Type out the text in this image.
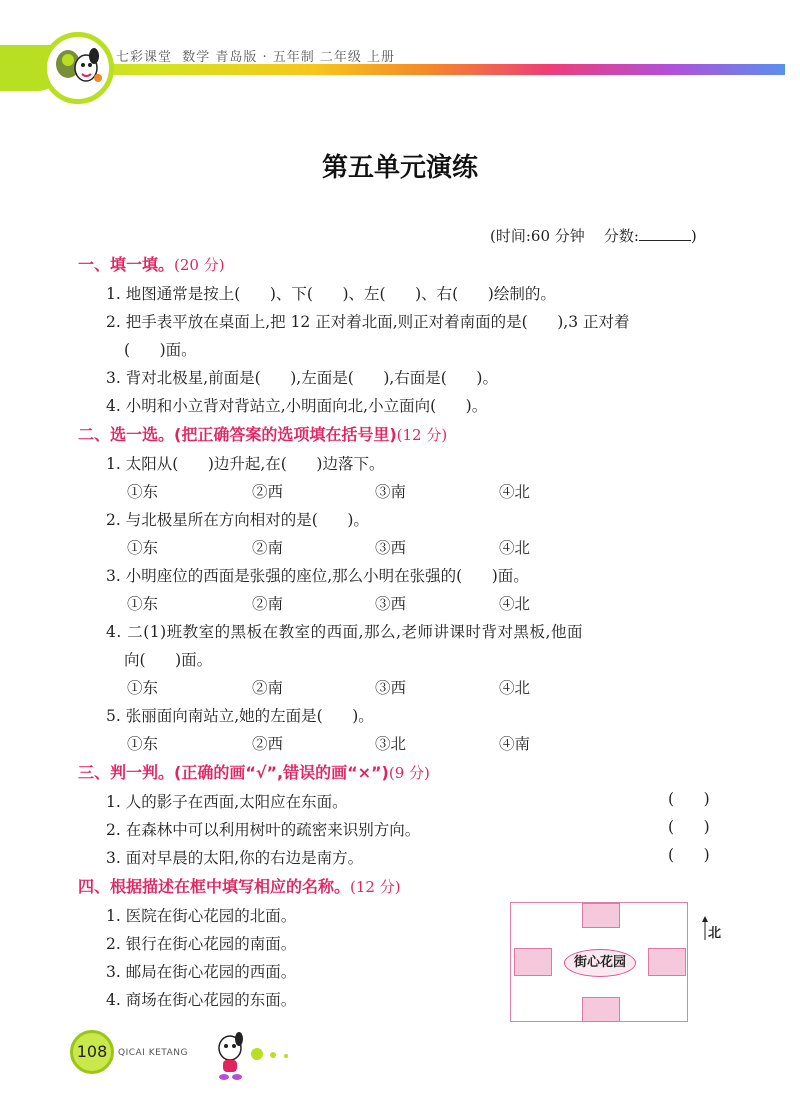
七彩课堂  数学 青岛版 · 五年制 二年级 上册
第五单元演练
(时间:60 分钟 分数:	)
一、填一填。(20 分)
1. 地图通常是按上(      )、下(      )、左(      )、右(      )绘制的。
2. 把手表平放在桌面上,把 12 正对着北面,则正对着南面的是(      ),3 正对着
(      )面。
3. 背对北极星,前面是(      ),左面是(      ),右面是(      )。
4. 小明和小立背对背站立,小明面向北,小立面向(      )。
二、选一选。(把正确答案的选项填在括号里)(12 分)
1. 太阳从(      )边升起,在(      )边落下。
①东	②西	③南	④北
2. 与北极星所在方向相对的是(      )。
①东	②南	③西	④北
3. 小明座位的西面是张强的座位,那么小明在张强的(      )面。
①东	②南	③西	④北
4. 二(1)班教室的黑板在教室的西面,那么,老师讲课时背对黑板,他面
向(      )面。
①东	②南	③西	④北
5. 张丽面向南站立,她的左面是(      )。
①东	②西	③北	④南
三、判一判。(正确的画“√”,错误的画“×”)(9 分)
1. 人的影子在西面,太阳应在东面。	(      )
2. 在森林中可以利用树叶的疏密来识别方向。	(      )
3. 面对早晨的太阳,你的右边是南方。	(      )
四、根据描述在框中填写相应的名称。(12 分)
1. 医院在街心花园的北面。
2. 银行在街心花园的南面。
3. 邮局在街心花园的西面。
4. 商场在街心花园的东面。
街心花园
北
108	QICAI KETANG
